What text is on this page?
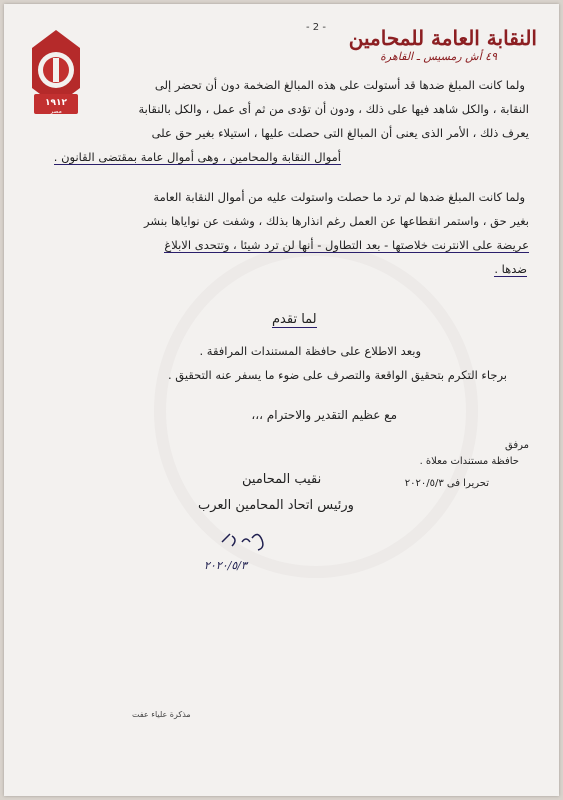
١٩١٢
مصر
- 2 - النقابة العامة للمحامين
٤٩ أش رمسيس ـ القاهرة
ولما كانت المبلغ ضدها قد أستولت على هذه المبالغ الضخمة دون أن تحضر إلى
النقابة ، والكل شاهد فيها على ذلك ، ودون أن تؤدى من ثم أى عمل ، والكل بالنقابة
يعرف ذلك ، الأمر الذى يعنى أن المبالغ التى حصلت عليها ، استيلاء بغير حق على
أموال النقابة والمحامين ، وهى أموال عامة بمقتضى القانون .
ولما كانت المبلغ ضدها لم ترد ما حصلت واستولت عليه من أموال النقابة العامة
بغير حق ، واستمر انقطاعها عن العمل رغم انذارها بذلك ، وشفت عن نواياها بنشر
عريضة على الانترنت خلاصتها - بعد التطاول - أنها لن ترد شيئا ، وتتحدى الابلاغ
ضدها .
لما تقدم
وبعد الاطلاع على حافظة المستندات المرافقة .
برجاء التكرم بتحقيق الواقعة والتصرف على ضوء ما يسفر عنه التحقيق .
مع عظيم التقدير والاحترام ،،،
مرفق
حافظة مستندات معلاة .
تحريرا فى ٢٠٢٠/٥/٣
نقيب المحامين
ورئيس اتحاد المحامين العرب
٢٠٢٠/٥/٣
مذكرة علياء عفت
